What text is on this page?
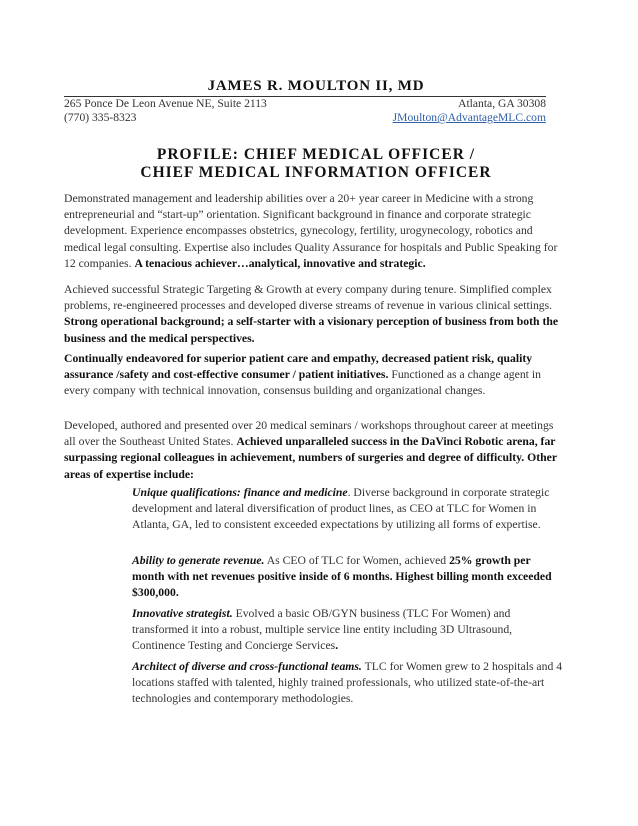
JAMES R. MOULTON II, MD
265 Ponce De Leon Avenue NE, Suite 2113	Atlanta, GA 30308
(770) 335-8323	JMoulton@AdvantageMLC.com
PROFILE: CHIEF MEDICAL OFFICER /
CHIEF MEDICAL INFORMATION OFFICER
Demonstrated management and leadership abilities over a 20+ year career in Medicine with a strong entrepreneurial and “start-up” orientation. Significant background in finance and corporate strategic development. Experience encompasses obstetrics, gynecology, fertility, urogynecology, robotics and medical legal consulting. Expertise also includes Quality Assurance for hospitals and Public Speaking for 12 companies. A tenacious achiever…analytical, innovative and strategic.
Achieved successful Strategic Targeting & Growth at every company during tenure. Simplified complex problems, re-engineered processes and developed diverse streams of revenue in various clinical settings. Strong operational background; a self-starter with a visionary perception of business from both the business and the medical perspectives.
Continually endeavored for superior patient care and empathy, decreased patient risk, quality assurance /safety and cost-effective consumer / patient initiatives. Functioned as a change agent in every company with technical innovation, consensus building and organizational changes.
Developed, authored and presented over 20 medical seminars / workshops throughout career at meetings all over the Southeast United States. Achieved unparalleled success in the DaVinci Robotic arena, far surpassing regional colleagues in achievement, numbers of surgeries and degree of difficulty. Other areas of expertise include:
Unique qualifications: finance and medicine. Diverse background in corporate strategic development and lateral diversification of product lines, as CEO at TLC for Women in Atlanta, GA, led to consistent exceeded expectations by utilizing all forms of expertise.
Ability to generate revenue. As CEO of TLC for Women, achieved 25% growth per month with net revenues positive inside of 6 months. Highest billing month exceeded $300,000.
Innovative strategist. Evolved a basic OB/GYN business (TLC For Women) and transformed it into a robust, multiple service line entity including 3D Ultrasound, Continence Testing and Concierge Services.
Architect of diverse and cross-functional teams. TLC for Women grew to 2 hospitals and 4 locations staffed with talented, highly trained professionals, who utilized state-of-the-art technologies and contemporary methodologies.
